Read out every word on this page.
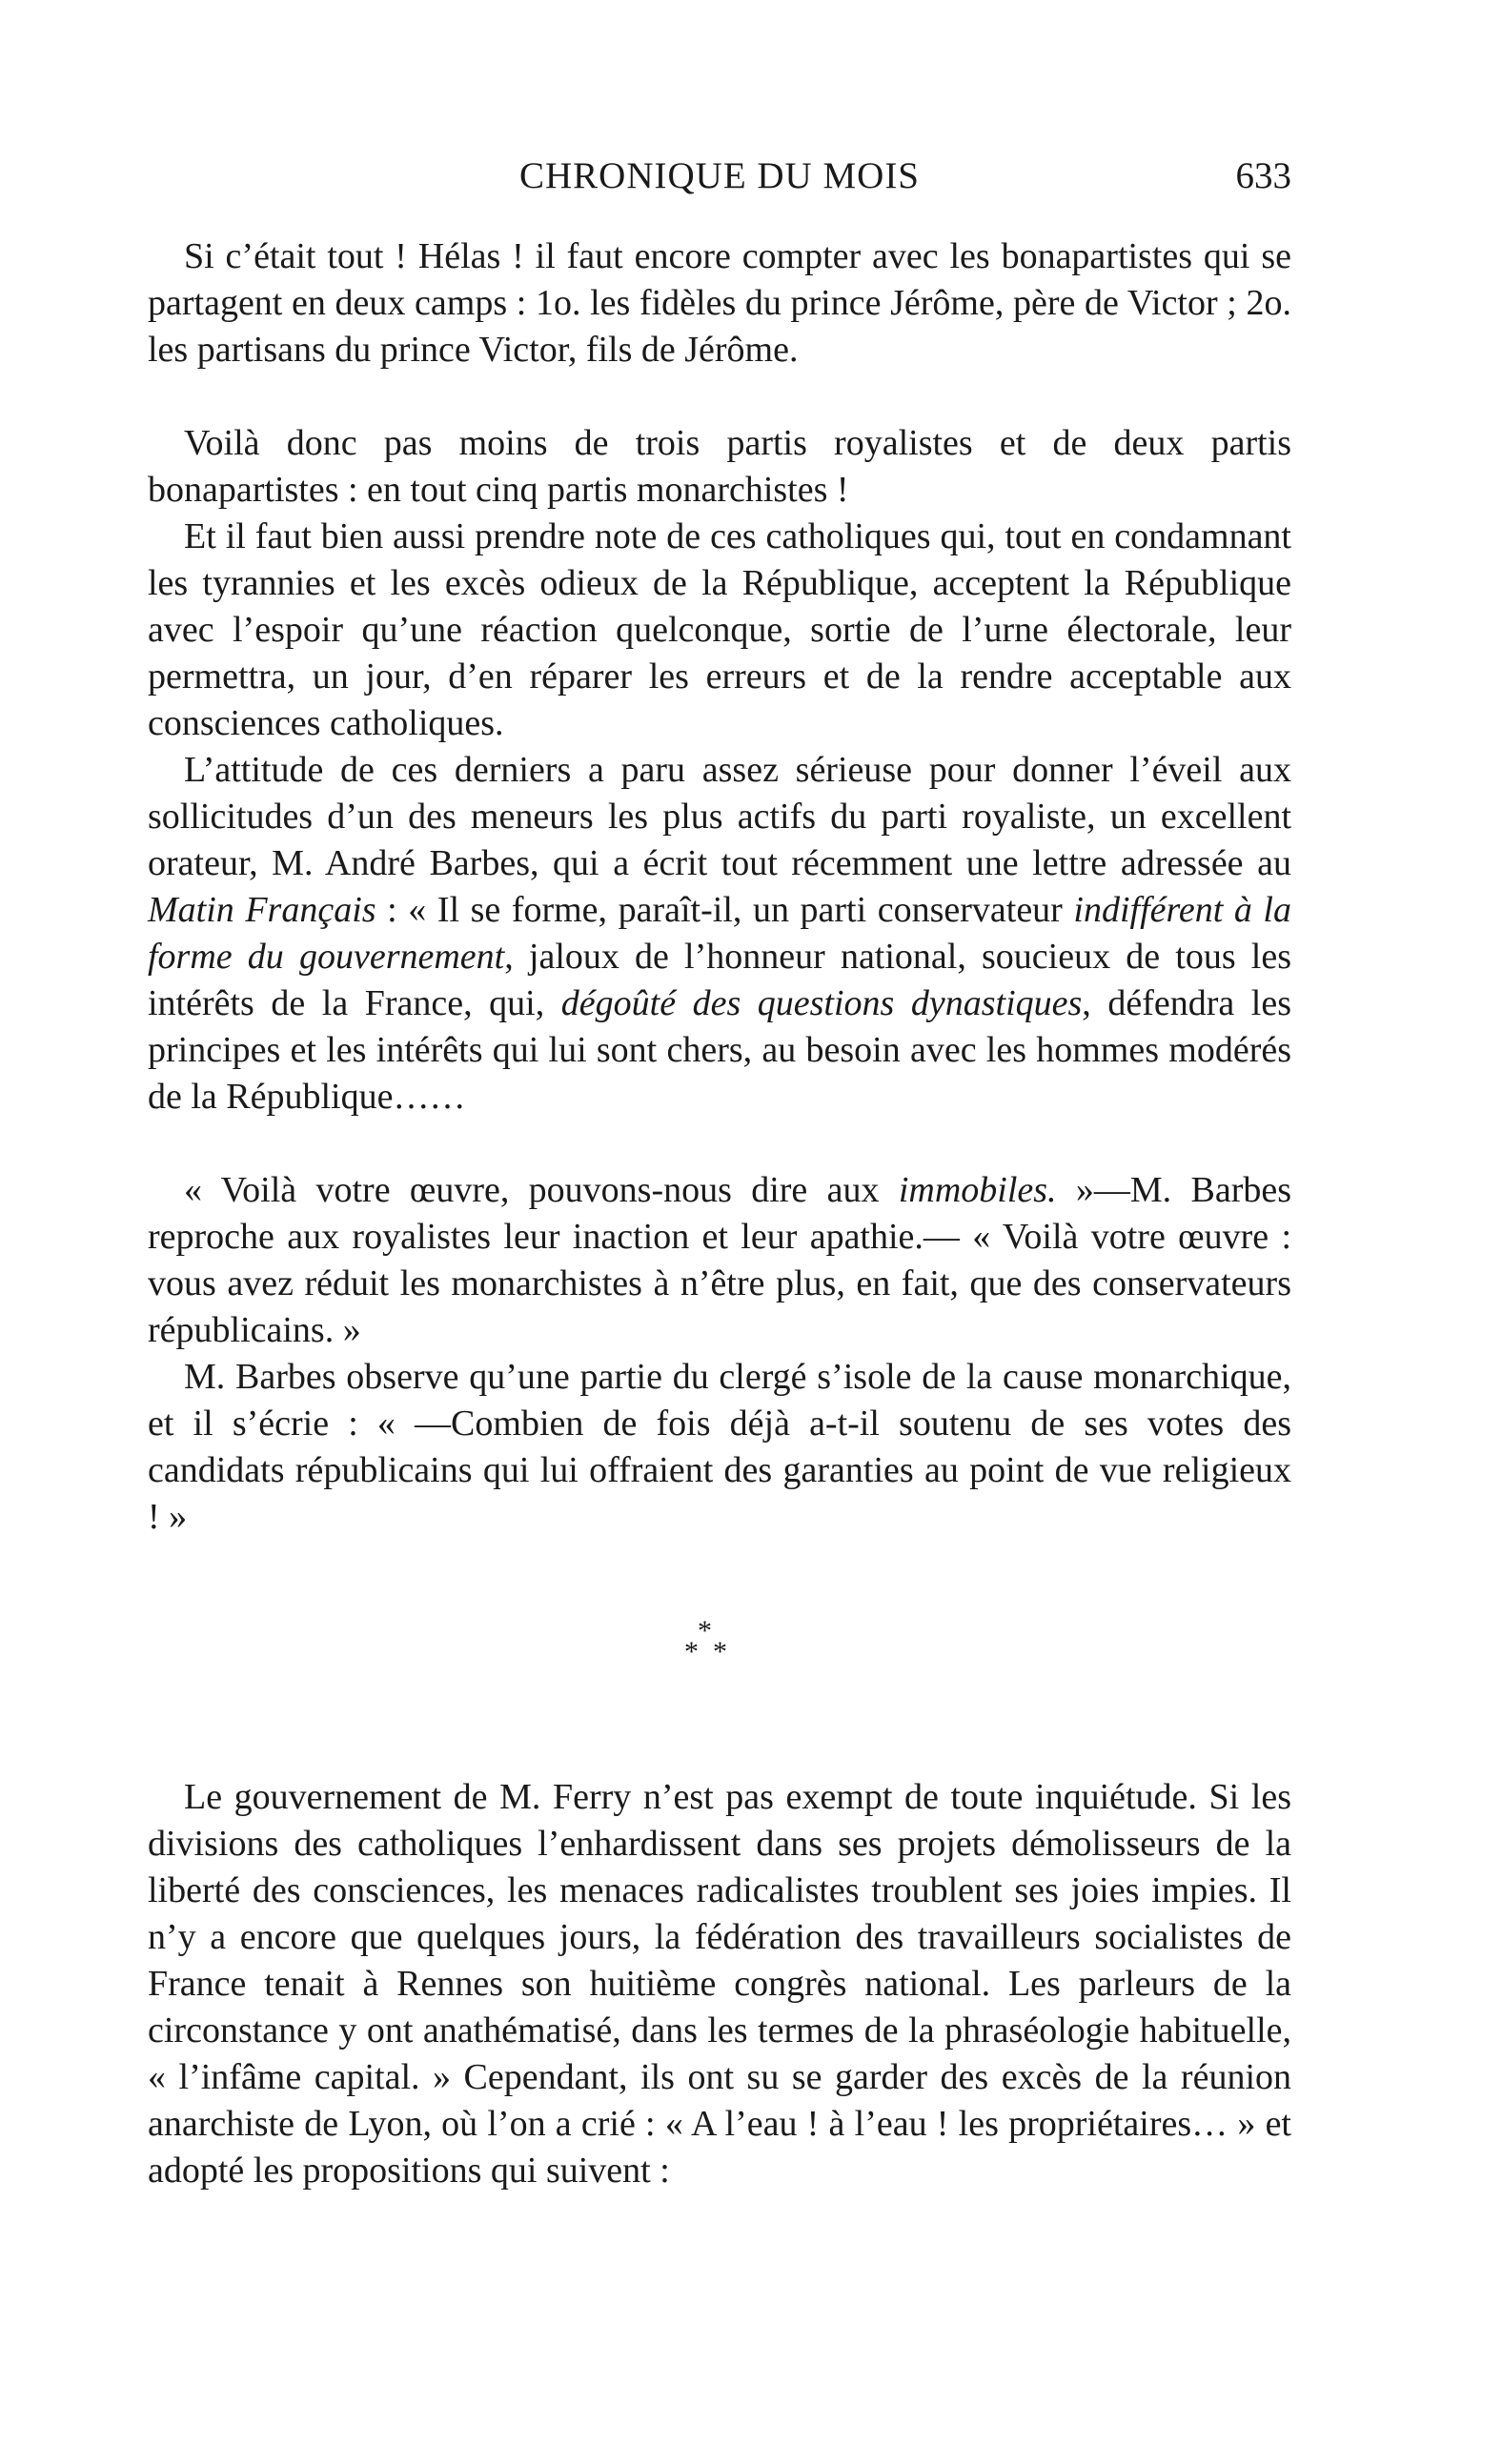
CHRONIQUE DU MOIS	633

Si c’était tout ! Hélas ! il faut encore compter avec les bonapartistes qui se partagent en deux camps : 1o. les fidèles du prince Jérôme, père de Victor ; 2o. les partisans du prince Victor, fils de Jérôme.

Voilà donc pas moins de trois partis royalistes et de deux partis bonapartistes : en tout cinq partis monarchistes !

Et il faut bien aussi prendre note de ces catholiques qui, tout en condamnant les tyrannies et les excès odieux de la République, acceptent la République avec l’espoir qu’une réaction quelconque, sortie de l’urne électorale, leur permettra, un jour, d’en réparer les erreurs et de la rendre acceptable aux consciences catholiques.

L’attitude de ces derniers a paru assez sérieuse pour donner l’éveil aux sollicitudes d’un des meneurs les plus actifs du parti royaliste, un excellent orateur, M. André Barbes, qui a écrit tout récemment une lettre adressée au Matin Français : « Il se forme, paraît-il, un parti conservateur indifférent à la forme du gouvernement, jaloux de l’honneur national, soucieux de tous les intérêts de la France, qui, dégoûté des questions dynastiques, défendra les principes et les intérêts qui lui sont chers, au besoin avec les hommes modérés de la République……

« Voilà votre œuvre, pouvons-nous dire aux immobiles. »—M. Barbes reproche aux royalistes leur inaction et leur apathie.— « Voilà votre œuvre : vous avez réduit les monarchistes à n’être plus, en fait, que des conservateurs républicains. »

M. Barbes observe qu’une partie du clergé s’isole de la cause monarchique, et il s’écrie : « —Combien de fois déjà a-t-il soutenu de ses votes des candidats républicains qui lui offraient des garanties au point de vue religieux ! »

*
* *

Le gouvernement de M. Ferry n’est pas exempt de toute inquiétude. Si les divisions des catholiques l’enhardissent dans ses projets démolisseurs de la liberté des consciences, les menaces radicalistes troublent ses joies impies. Il n’y a encore que quelques jours, la fédération des travailleurs socialistes de France tenait à Rennes son huitième congrès national. Les parleurs de la circonstance y ont anathématisé, dans les termes de la phraséologie habituelle, « l’infâme capital. » Cependant, ils ont su se garder des excès de la réunion anarchiste de Lyon, où l’on a crié : « A l’eau ! à l’eau ! les propriétaires… » et adopté les propositions qui suivent :
